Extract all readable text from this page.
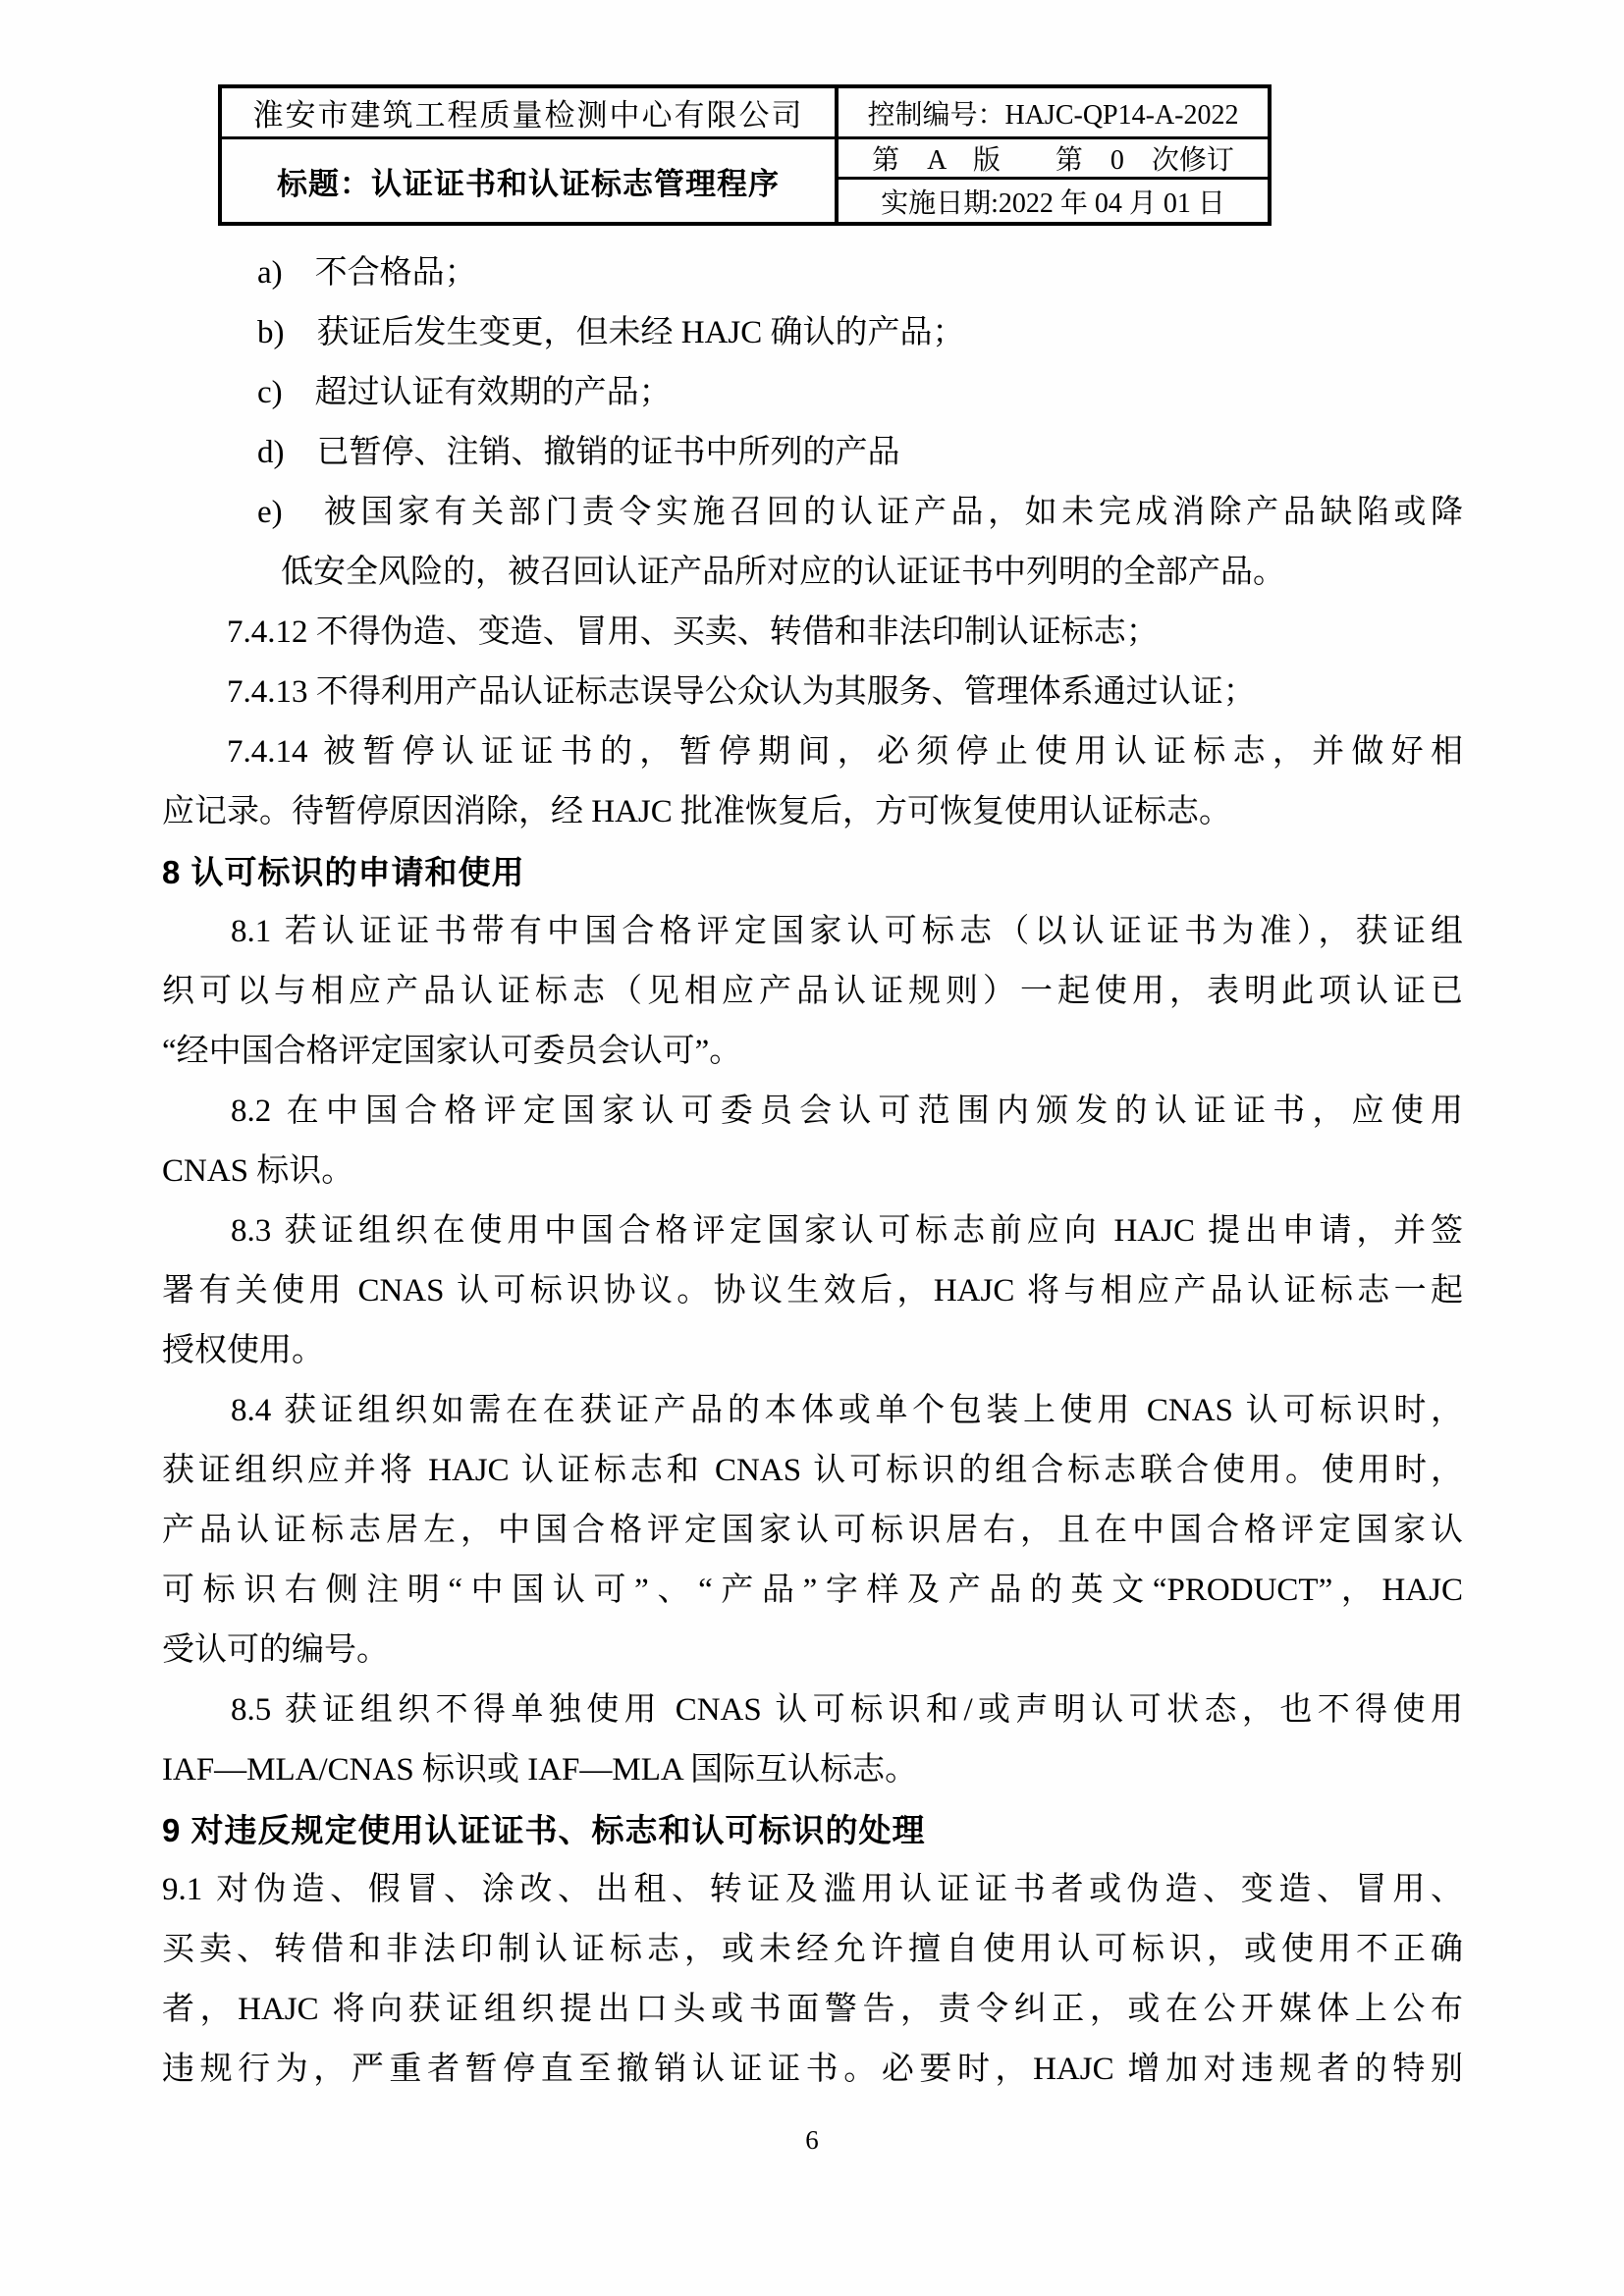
淮安市建筑工程质量检测中心有限公司
标题：认证证书和认证标志管理程序
控制编号：HAJC-QP14-A-2022
第　A　版　　第　0　次修订
实施日期:2022 年 04 月 01 日
a)　不合格品；
b)　获证后发生变更，但未经 HAJC 确认的产品；
c)　超过认证有效期的产品；
d)　已暂停、注销、撤销的证书中所列的产品
e)　被国家有关部门责令实施召回的认证产品，如未完成消除产品缺陷或降
低安全风险的，被召回认证产品所对应的认证证书中列明的全部产品。
7.4.12 不得伪造、变造、冒用、买卖、转借和非法印制认证标志；
7.4.13 不得利用产品认证标志误导公众认为其服务、管理体系通过认证；
7.4.14 被暂停认证证书的，暂停期间，必须停止使用认证标志，并做好相
应记录。待暂停原因消除，经 HAJC 批准恢复后，方可恢复使用认证标志。
8 认可标识的申请和使用
8.1 若认证证书带有中国合格评定国家认可标志（以认证证书为准），获证组
织可以与相应产品认证标志（见相应产品认证规则）一起使用，表明此项认证已
“经中国合格评定国家认可委员会认可”。
8.2 在中国合格评定国家认可委员会认可范围内颁发的认证证书，应使用
CNAS 标识。
8.3 获证组织在使用中国合格评定国家认可标志前应向 HAJC 提出申请，并签
署有关使用 CNAS 认可标识协议。协议生效后，HAJC 将与相应产品认证标志一起
授权使用。
8.4 获证组织如需在在获证产品的本体或单个包装上使用 CNAS 认可标识时，
获证组织应并将 HAJC 认证标志和 CNAS 认可标识的组合标志联合使用。使用时，
产品认证标志居左，中国合格评定国家认可标识居右，且在中国合格评定国家认
可标识右侧注明“中国认可”、“产品”字样及产品的英文“PRODUCT”，HAJC
受认可的编号。
8.5 获证组织不得单独使用 CNAS 认可标识和/或声明认可状态，也不得使用
IAF—MLA/CNAS 标识或 IAF—MLA 国际互认标志。
9 对违反规定使用认证证书、标志和认可标识的处理
9.1 对伪造、假冒、涂改、出租、转证及滥用认证证书者或伪造、变造、冒用、
买卖、转借和非法印制认证标志，或未经允许擅自使用认可标识，或使用不正确
者，HAJC 将向获证组织提出口头或书面警告，责令纠正，或在公开媒体上公布
违规行为，严重者暂停直至撤销认证证书。必要时，HAJC 增加对违规者的特别
6
